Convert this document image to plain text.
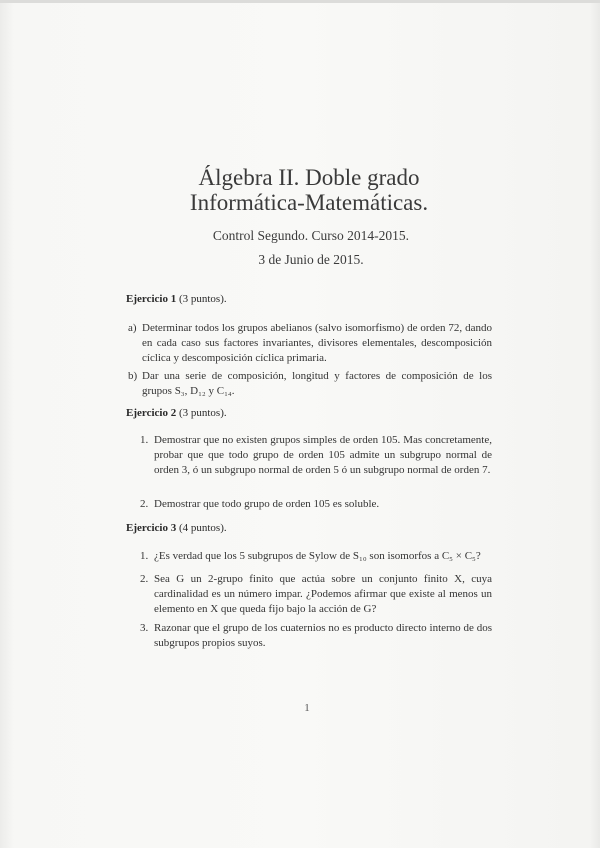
Álgebra II. Doble grado
Informática-Matemáticas.
Control Segundo. Curso 2014-2015.
3 de Junio de 2015.
Ejercicio 1 (3 puntos).
a) Determinar todos los grupos abelianos (salvo isomorfismo) de orden 72, dando en cada caso sus factores invariantes, divisores elementales, descomposición cíclica y descomposición cíclica primaria.
b) Dar una serie de composición, longitud y factores de composición de los grupos S₃, D₁₂ y C₁₄.
Ejercicio 2 (3 puntos).
1. Demostrar que no existen grupos simples de orden 105. Mas concretamente, probar que que todo grupo de orden 105 admite un subgrupo normal de orden 3, ó un subgrupo normal de orden 5 ó un subgrupo normal de orden 7.
2. Demostrar que todo grupo de orden 105 es soluble.
Ejercicio 3 (4 puntos).
1. ¿Es verdad que los 5 subgrupos de Sylow de S₁₀ son isomorfos a C₅ × C₅?
2. Sea G un 2-grupo finito que actúa sobre un conjunto finito X, cuya cardinalidad es un número impar. ¿Podemos afirmar que existe al menos un elemento en X que queda fijo bajo la acción de G?
3. Razonar que el grupo de los cuaternios no es producto directo interno de dos subgrupos propios suyos.
1
